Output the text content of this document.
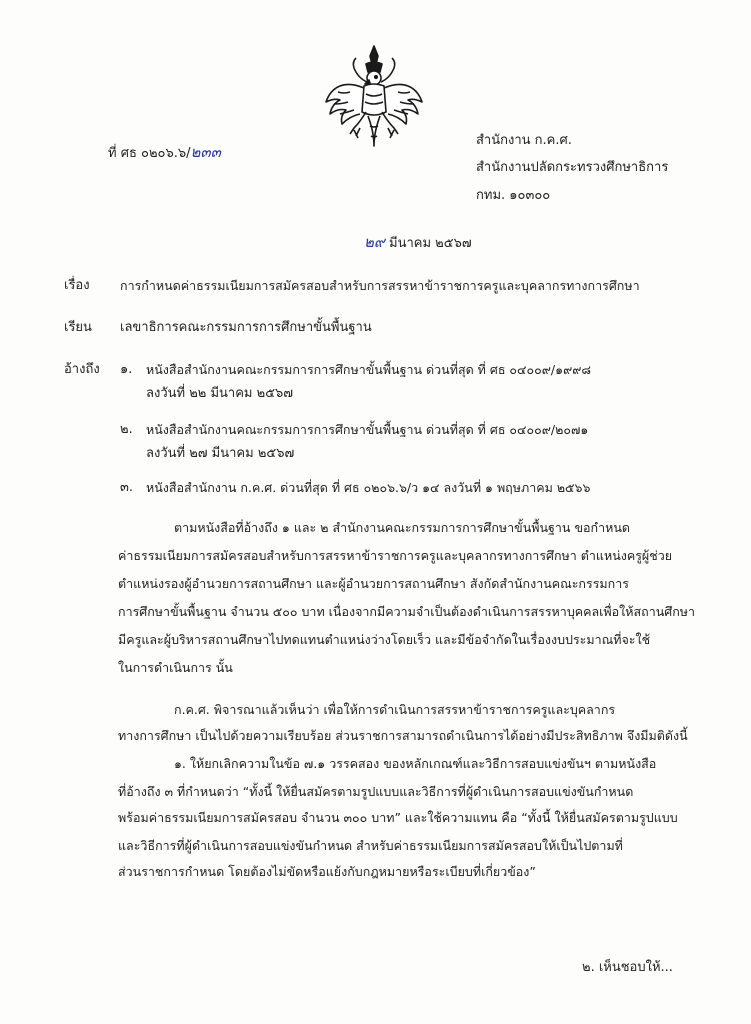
ที่ ศธ ๐๒๐๖.๖/๒๓๓
สำนักงาน ก.ค.ศ.
สำนักงานปลัดกระทรวงศึกษาธิการ
กทม. ๑๐๓๐๐
๒๙ มีนาคม ๒๕๖๗
เรื่อง การกำหนดค่าธรรมเนียมการสมัครสอบสำหรับการสรรหาข้าราชการครูและบุคลากรทางการศึกษา
เรียน เลขาธิการคณะกรรมการการศึกษาขั้นพื้นฐาน
อ้างถึง ๑. หนังสือสำนักงานคณะกรรมการการศึกษาขั้นพื้นฐาน ด่วนที่สุด ที่ ศธ ๐๔๐๐๙/๑๙๙๘
ลงวันที่ ๒๒ มีนาคม ๒๕๖๗
๒. หนังสือสำนักงานคณะกรรมการการศึกษาขั้นพื้นฐาน ด่วนที่สุด ที่ ศธ ๐๔๐๐๙/๒๐๗๑
ลงวันที่ ๒๗ มีนาคม ๒๕๖๗
๓. หนังสือสำนักงาน ก.ค.ศ. ด่วนที่สุด ที่ ศธ ๐๒๐๖.๖/ว ๑๔ ลงวันที่ ๑ พฤษภาคม ๒๕๖๖
ตามหนังสือที่อ้างถึง ๑ และ ๒ สำนักงานคณะกรรมการการศึกษาขั้นพื้นฐาน ขอกำหนด
ค่าธรรมเนียมการสมัครสอบสำหรับการสรรหาข้าราชการครูและบุคลากรทางการศึกษา ตำแหน่งครูผู้ช่วย
ตำแหน่งรองผู้อำนวยการสถานศึกษา และผู้อำนวยการสถานศึกษา สังกัดสำนักงานคณะกรรมการ
การศึกษาขั้นพื้นฐาน จำนวน ๕๐๐ บาท เนื่องจากมีความจำเป็นต้องดำเนินการสรรหาบุคคลเพื่อให้สถานศึกษา
มีครูและผู้บริหารสถานศึกษาไปทดแทนตำแหน่งว่างโดยเร็ว และมีข้อจำกัดในเรื่องงบประมาณที่จะใช้
ในการดำเนินการ นั้น
ก.ค.ศ. พิจารณาแล้วเห็นว่า เพื่อให้การดำเนินการสรรหาข้าราชการครูและบุคลากร
ทางการศึกษา เป็นไปด้วยความเรียบร้อย ส่วนราชการสามารถดำเนินการได้อย่างมีประสิทธิภาพ จึงมีมติดังนี้
๑. ให้ยกเลิกความในข้อ ๗.๑ วรรคสอง ของหลักเกณฑ์และวิธีการสอบแข่งขันฯ ตามหนังสือ
ที่อ้างถึง ๓ ที่กำหนดว่า “ทั้งนี้ ให้ยื่นสมัครตามรูปแบบและวิธีการที่ผู้ดำเนินการสอบแข่งขันกำหนด
พร้อมค่าธรรมเนียมการสมัครสอบ จำนวน ๓๐๐ บาท” และใช้ความแทน คือ “ทั้งนี้ ให้ยื่นสมัครตามรูปแบบ
และวิธีการที่ผู้ดำเนินการสอบแข่งขันกำหนด สำหรับค่าธรรมเนียมการสมัครสอบให้เป็นไปตามที่
ส่วนราชการกำหนด โดยต้องไม่ขัดหรือแย้งกับกฎหมายหรือระเบียบที่เกี่ยวข้อง”
๒. เห็นชอบให้...
